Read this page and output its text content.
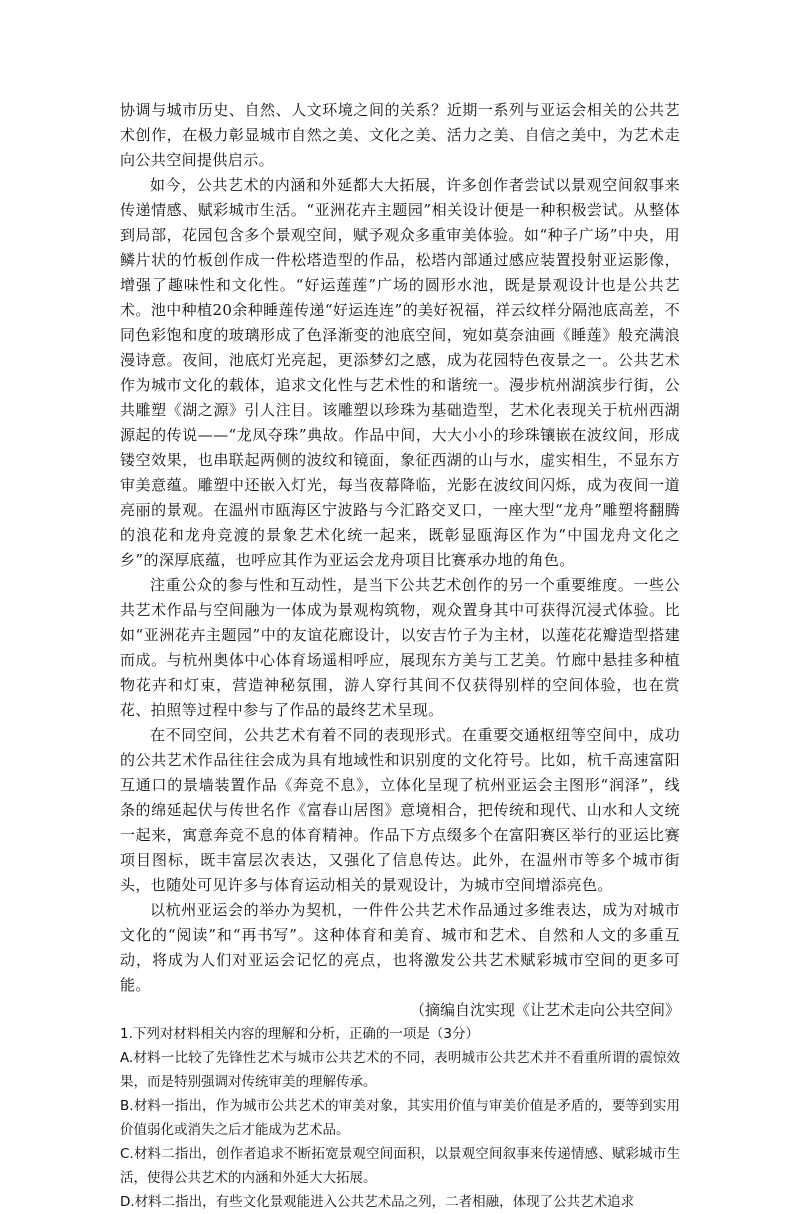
协调与城市历史、自然、人文环境之间的关系？近期一系列与亚运会相关的公共艺术创作，在极力彰显城市自然之美、文化之美、活力之美、自信之美中，为艺术走向公共空间提供启示。

如今，公共艺术的内涵和外延都大大拓展，许多创作者尝试以景观空间叙事来传递情感、赋彩城市生活。“亚洲花卉主题园”相关设计便是一种积极尝试。从整体到局部，花园包含多个景观空间，赋予观众多重审美体验。如“种子广场”中央，用鳞片状的竹板创作成一件松塔造型的作品，松塔内部通过感应装置投射亚运影像，增强了趣味性和文化性。“好运莲莲”广场的圆形水池，既是景观设计也是公共艺术。池中种植20余种睡莲传递“好运连连”的美好祝福，祥云纹样分隔池底高差，不同色彩饱和度的玻璃形成了色泽渐变的池底空间，宛如莫奈油画《睡莲》般充满浪漫诗意。夜间，池底灯光亮起，更添梦幻之感，成为花园特色夜景之一。公共艺术作为城市文化的载体，追求文化性与艺术性的和谐统一。漫步杭州湖滨步行街，公共雕塑《湖之源》引人注目。该雕塑以珍珠为基础造型，艺术化表现关于杭州西湖源起的传说——“龙凤夺珠”典故。作品中间，大大小小的珍珠镶嵌在波纹间，形成镂空效果，也串联起两侧的波纹和镜面，象征西湖的山与水，虚实相生，不显东方审美意蕴。雕塑中还嵌入灯光，每当夜幕降临，光影在波纹间闪烁，成为夜间一道亮丽的景观。在温州市瓯海区宁波路与今汇路交叉口，一座大型“龙舟”雕塑将翻腾的浪花和龙舟竞渡的景象艺术化统一起来，既彰显瓯海区作为“中国龙舟文化之乡”的深厚底蕴，也呼应其作为亚运会龙舟项目比赛承办地的角色。

注重公众的参与性和互动性，是当下公共艺术创作的另一个重要维度。一些公共艺术作品与空间融为一体成为景观构筑物，观众置身其中可获得沉浸式体验。比如“亚洲花卉主题园”中的友谊花廊设计，以安吉竹子为主材，以莲花花瓣造型搭建而成。与杭州奥体中心体育场遥相呼应，展现东方美与工艺美。竹廊中悬挂多种植物花卉和灯束，营造神秘氛围，游人穿行其间不仅获得别样的空间体验，也在赏花、拍照等过程中参与了作品的最终艺术呈现。

在不同空间，公共艺术有着不同的表现形式。在重要交通枢纽等空间中，成功的公共艺术作品往往会成为具有地域性和识别度的文化符号。比如，杭千高速富阳互通口的景墙装置作品《奔竞不息》，立体化呈现了杭州亚运会主图形“润泽”，线条的绵延起伏与传世名作《富春山居图》意境相合，把传统和现代、山水和人文统一起来，寓意奔竞不息的体育精神。作品下方点缀多个在富阳赛区举行的亚运比赛项目图标，既丰富层次表达，又强化了信息传达。此外，在温州市等多个城市街头，也随处可见许多与体育运动相关的景观设计，为城市空间增添亮色。

以杭州亚运会的举办为契机，一件件公共艺术作品通过多维表达，成为对城市文化的“阅读”和“再书写”。这种体育和美育、城市和艺术、自然和人文的多重互动，将成为人们对亚运会记忆的亮点，也将激发公共艺术赋彩城市空间的更多可能。

（摘编自沈实现《让艺术走向公共空间》

1.下列对材料相关内容的理解和分析，正确的一项是（3分）

A.材料一比较了先锋性艺术与城市公共艺术的不同，表明城市公共艺术并不看重所谓的震惊效果，而是特别强调对传统审美的理解传承。

B.材料一指出，作为城市公共艺术的审美对象，其实用价值与审美价值是矛盾的，要等到实用价值弱化或消失之后才能成为艺术品。

C.材料二指出，创作者追求不断拓宽景观空间面积，以景观空间叙事来传递情感、赋彩城市生活，使得公共艺术的内涵和外延大大拓展。

D.材料二指出，有些文化景观能进入公共艺术品之列，二者相融，体现了公共艺术追求
